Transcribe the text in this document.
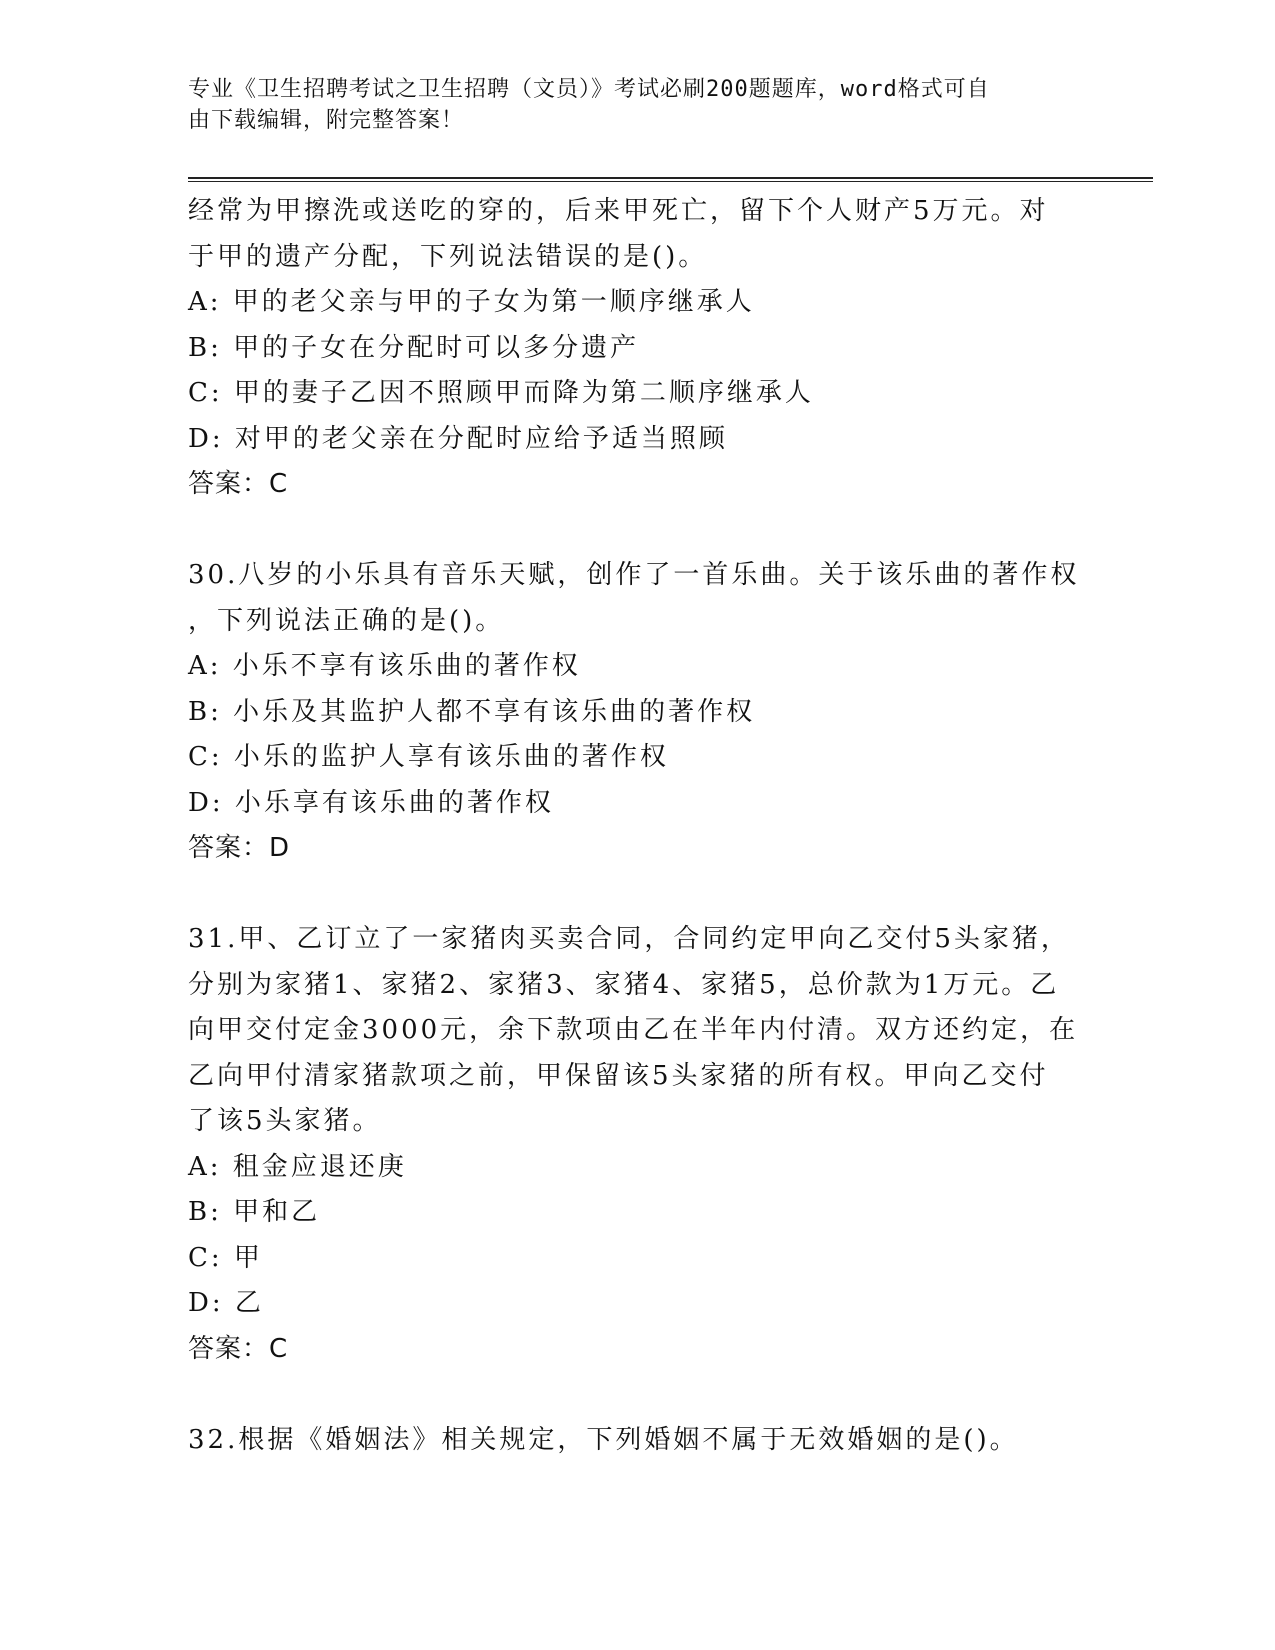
专业《卫生招聘考试之卫生招聘（文员）》考试必刷200题题库，word格式可自
由下载编辑，附完整答案！
经常为甲擦洗或送吃的穿的，后来甲死亡，留下个人财产5万元。对
于甲的遗产分配，下列说法错误的是()。
A: 甲的老父亲与甲的子女为第一顺序继承人
B: 甲的子女在分配时可以多分遗产
C: 甲的妻子乙因不照顾甲而降为第二顺序继承人
D: 对甲的老父亲在分配时应给予适当照顾
答案：C
30.八岁的小乐具有音乐天赋，创作了一首乐曲。关于该乐曲的著作权
，下列说法正确的是()。
A: 小乐不享有该乐曲的著作权
B: 小乐及其监护人都不享有该乐曲的著作权
C: 小乐的监护人享有该乐曲的著作权
D: 小乐享有该乐曲的著作权
答案：D
31.甲、乙订立了一家猪肉买卖合同，合同约定甲向乙交付5头家猪，
分别为家猪1、家猪2、家猪3、家猪4、家猪5，总价款为1万元。乙
向甲交付定金3000元，余下款项由乙在半年内付清。双方还约定，在
乙向甲付清家猪款项之前，甲保留该5头家猪的所有权。甲向乙交付
了该5头家猪。
A: 租金应退还庚
B: 甲和乙
C: 甲
D: 乙
答案：C
32.根据《婚姻法》相关规定，下列婚姻不属于无效婚姻的是()。
